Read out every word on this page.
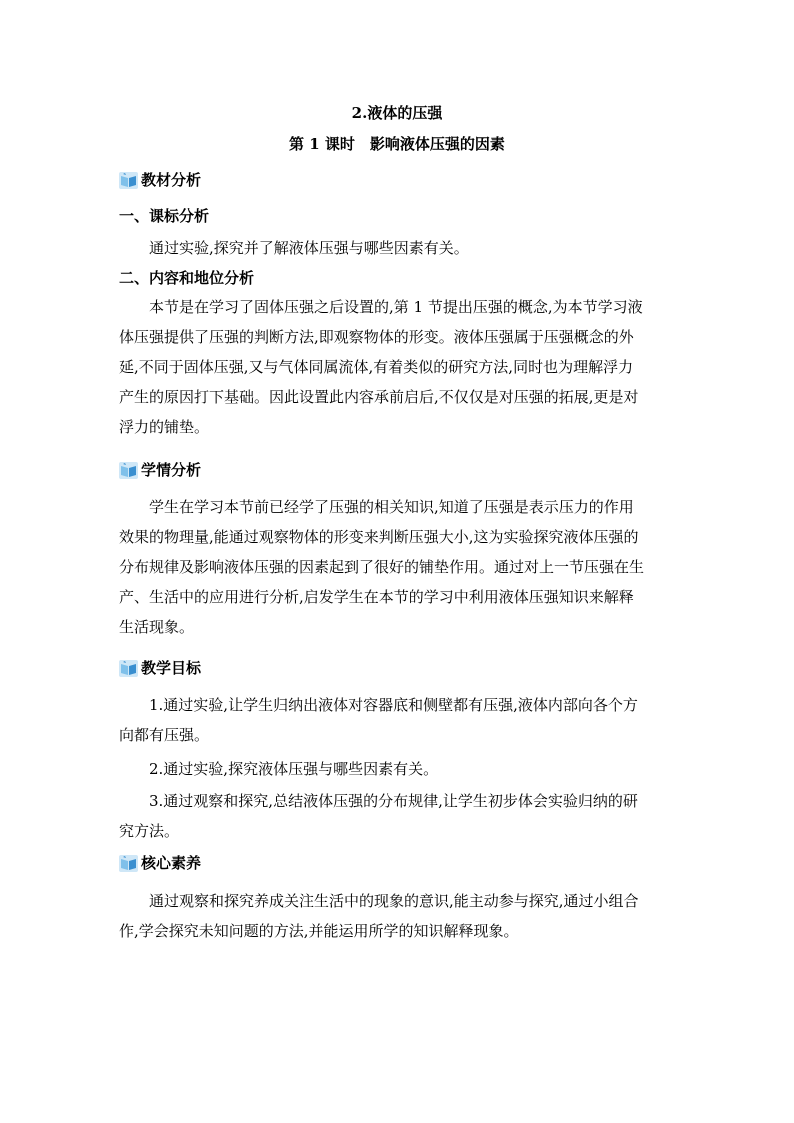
2.液体的压强
第 1 课时　影响液体压强的因素
教材分析
一、课标分析
通过实验,探究并了解液体压强与哪些因素有关。
二、内容和地位分析
本节是在学习了固体压强之后设置的,第 1 节提出压强的概念,为本节学习液
体压强提供了压强的判断方法,即观察物体的形变。液体压强属于压强概念的外
延,不同于固体压强,又与气体同属流体,有着类似的研究方法,同时也为理解浮力
产生的原因打下基础。因此设置此内容承前启后,不仅仅是对压强的拓展,更是对
浮力的铺垫。
学情分析
学生在学习本节前已经学了压强的相关知识,知道了压强是表示压力的作用
效果的物理量,能通过观察物体的形变来判断压强大小,这为实验探究液体压强的
分布规律及影响液体压强的因素起到了很好的铺垫作用。通过对上一节压强在生
产、生活中的应用进行分析,启发学生在本节的学习中利用液体压强知识来解释
生活现象。
教学目标
1.通过实验,让学生归纳出液体对容器底和侧壁都有压强,液体内部向各个方
向都有压强。
2.通过实验,探究液体压强与哪些因素有关。
3.通过观察和探究,总结液体压强的分布规律,让学生初步体会实验归纳的研
究方法。
核心素养
通过观察和探究养成关注生活中的现象的意识,能主动参与探究,通过小组合
作,学会探究未知问题的方法,并能运用所学的知识解释现象。
